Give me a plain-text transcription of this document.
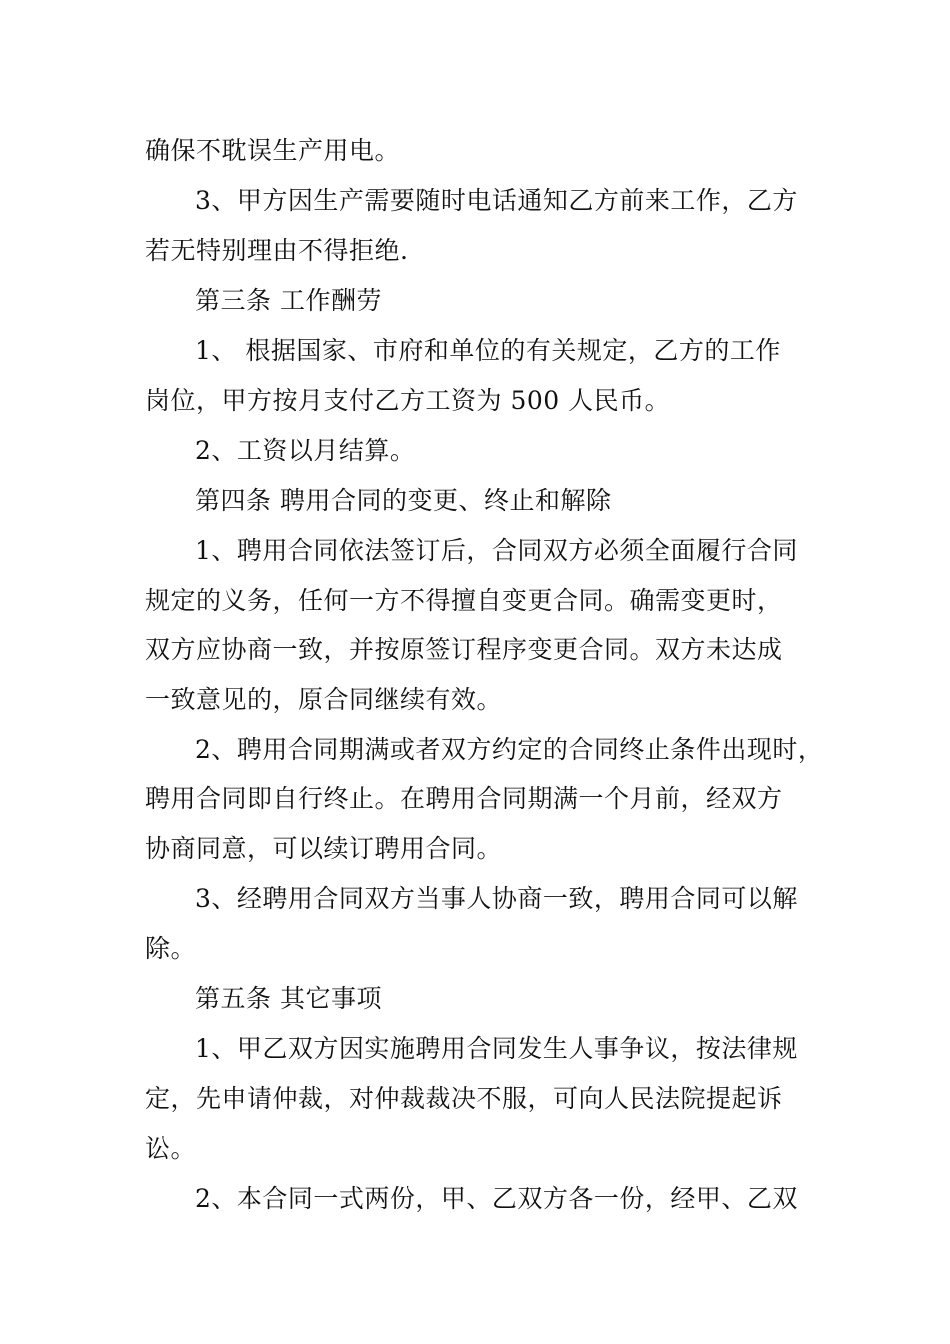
确保不耽误生产用电。
3、甲方因生产需要随时电话通知乙方前来工作，乙方
若无特别理由不得拒绝.
第三条 工作酬劳
1、 根据国家、市府和单位的有关规定，乙方的工作
岗位，甲方按月支付乙方工资为 500 人民币。
2、工资以月结算。
第四条 聘用合同的变更、终止和解除
1、聘用合同依法签订后，合同双方必须全面履行合同
规定的义务，任何一方不得擅自变更合同。确需变更时，
双方应协商一致，并按原签订程序变更合同。双方未达成
一致意见的，原合同继续有效。
2、聘用合同期满或者双方约定的合同终止条件出现时，
聘用合同即自行终止。在聘用合同期满一个月前，经双方
协商同意，可以续订聘用合同。
3、经聘用合同双方当事人协商一致，聘用合同可以解
除。
第五条 其它事项
1、甲乙双方因实施聘用合同发生人事争议，按法律规
定，先申请仲裁，对仲裁裁决不服，可向人民法院提起诉
讼。
2、本合同一式两份，甲、乙双方各一份，经甲、乙双
